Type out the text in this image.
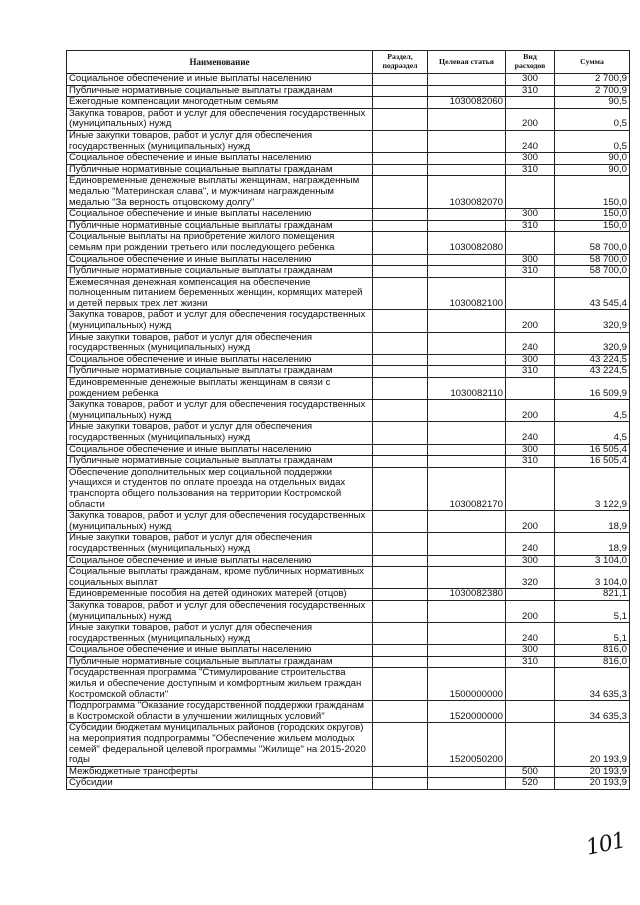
Наименование	Раздел, подраздел	Целевая статья	Вид расходов	Сумма
Социальное обеспечение и иные выплаты населению			300	2 700,9
Публичные нормативные социальные выплаты гражданам			310	2 700,9
Ежегодные компенсации многодетным семьям		1030082060		90,5
Закупка товаров, работ и услуг для обеспечения государственных (муниципальных) нужд			200	0,5
Иные закупки товаров, работ и услуг для обеспечения государственных (муниципальных) нужд			240	0,5
Социальное обеспечение и иные выплаты населению			300	90,0
Публичные нормативные социальные выплаты гражданам			310	90,0
Единовременные денежные выплаты женщинам, награжденным медалью "Материнская слава", и мужчинам награжденным медалью "За верность отцовскому долгу"		1030082070		150,0
Социальное обеспечение и иные выплаты населению			300	150,0
Публичные нормативные социальные выплаты гражданам			310	150,0
Социальные выплаты на приобретение жилого помещения семьям при рождении третьего или последующего ребенка		1030082080		58 700,0
Социальное обеспечение и иные выплаты населению			300	58 700,0
Публичные нормативные социальные выплаты гражданам			310	58 700,0
Ежемесячная денежная компенсация на обеспечение полноценным питанием беременных женщин, кормящих матерей и детей первых трех лет жизни		1030082100		43 545,4
Закупка товаров, работ и услуг для обеспечения государственных (муниципальных) нужд			200	320,9
Иные закупки товаров, работ и услуг для обеспечения государственных (муниципальных) нужд			240	320,9
Социальное обеспечение и иные выплаты населению			300	43 224,5
Публичные нормативные социальные выплаты гражданам			310	43 224,5
Единовременные денежные выплаты женщинам в связи с рождением ребенка		1030082110		16 509,9
Закупка товаров, работ и услуг для обеспечения государственных (муниципальных) нужд			200	4,5
Иные закупки товаров, работ и услуг для обеспечения государственных (муниципальных) нужд			240	4,5
Социальное обеспечение и иные выплаты населению			300	16 505,4
Публичные нормативные социальные выплаты гражданам			310	16 505,4
Обеспечение дополнительных мер социальной поддержки учащихся и студентов по оплате проезда на отдельных видах транспорта общего пользования на территории Костромской области		1030082170		3 122,9
Закупка товаров, работ и услуг для обеспечения государственных (муниципальных) нужд			200	18,9
Иные закупки товаров, работ и услуг для обеспечения государственных (муниципальных) нужд			240	18,9
Социальное обеспечение и иные выплаты населению			300	3 104,0
Социальные выплаты гражданам, кроме публичных нормативных социальных выплат			320	3 104,0
Единовременные пособия на детей одиноких матерей (отцов)		1030082380		821,1
Закупка товаров, работ и услуг для обеспечения государственных (муниципальных) нужд			200	5,1
Иные закупки товаров, работ и услуг для обеспечения государственных (муниципальных) нужд			240	5,1
Социальное обеспечение и иные выплаты населению			300	816,0
Публичные нормативные социальные выплаты гражданам			310	816,0
Государственная программа "Стимулирование строительства жилья и обеспечение доступным и комфортным жильем граждан Костромской области"		1500000000		34 635,3
Подпрограмма "Оказание государственной поддержки гражданам в Костромской области в улучшении жилищных условий"		1520000000		34 635,3
Субсидии бюджетам муниципальных районов (городских округов) на мероприятия подпрограммы "Обеспечение жильем молодых семей" федеральной целевой программы "Жилище" на 2015-2020 годы		1520050200		20 193,9
Межбюджетные трансферты			500	20 193,9
Субсидии			520	20 193,9
101
